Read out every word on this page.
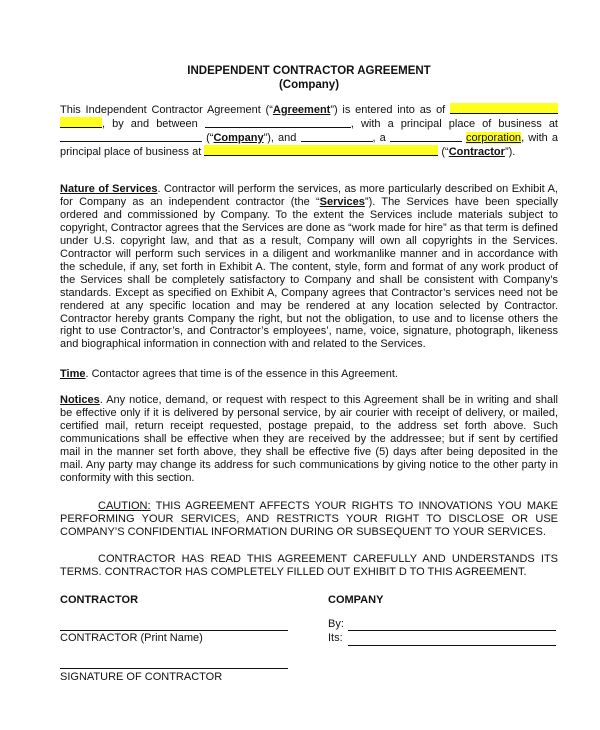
INDEPENDENT CONTRACTOR AGREEMENT
(Company)
This Independent Contractor Agreement (“Agreement”) is entered into as of  , by and between	, with a principal place of business at  (“Company”), and	, a	corporation, with a principal place of business at	(“Contractor”).
Nature of Services. Contractor will perform the services, as more particularly described on Exhibit A, for Company as an independent contractor (the “Services”). The Services have been specially ordered and commissioned by Company. To the extent the Services include materials subject to copyright, Contractor agrees that the Services are done as “work made for hire” as that term is defined under U.S. copyright law, and that as a result, Company will own all copyrights in the Services. Contractor will perform such services in a diligent and workmanlike manner and in accordance with the schedule, if any, set forth in Exhibit A. The content, style, form and format of any work product of the Services shall be completely satisfactory to Company and shall be consistent with Company’s standards. Except as specified on Exhibit A, Company agrees that Contractor’s services need not be rendered at any specific location and may be rendered at any location selected by Contractor. Contractor hereby grants Company the right, but not the obligation, to use and to license others the right to use Contractor’s, and Contractor’s employees’, name, voice, signature, photograph, likeness and biographical information in connection with and related to the Services.
Time. Contactor agrees that time is of the essence in this Agreement.
Notices. Any notice, demand, or request with respect to this Agreement shall be in writing and shall be effective only if it is delivered by personal service, by air courier with receipt of delivery, or mailed, certified mail, return receipt requested, postage prepaid, to the address set forth above. Such communications shall be effective when they are received by the addressee; but if sent by certified mail in the manner set forth above, they shall be effective five (5) days after being deposited in the mail. Any party may change its address for such communications by giving notice to the other party in conformity with this section.
CAUTION: THIS AGREEMENT AFFECTS YOUR RIGHTS TO INNOVATIONS YOU MAKE PERFORMING YOUR SERVICES, AND RESTRICTS YOUR RIGHT TO DISCLOSE OR USE COMPANY’S CONFIDENTIAL INFORMATION DURING OR SUBSEQUENT TO YOUR SERVICES.
CONTRACTOR HAS READ THIS AGREEMENT CAREFULLY AND UNDERSTANDS ITS TERMS. CONTRACTOR HAS COMPLETELY FILLED OUT EXHIBIT D TO THIS AGREEMENT.
CONTRACTOR	COMPANY
CONTRACTOR (Print Name)
By:
Its:
SIGNATURE OF CONTRACTOR
